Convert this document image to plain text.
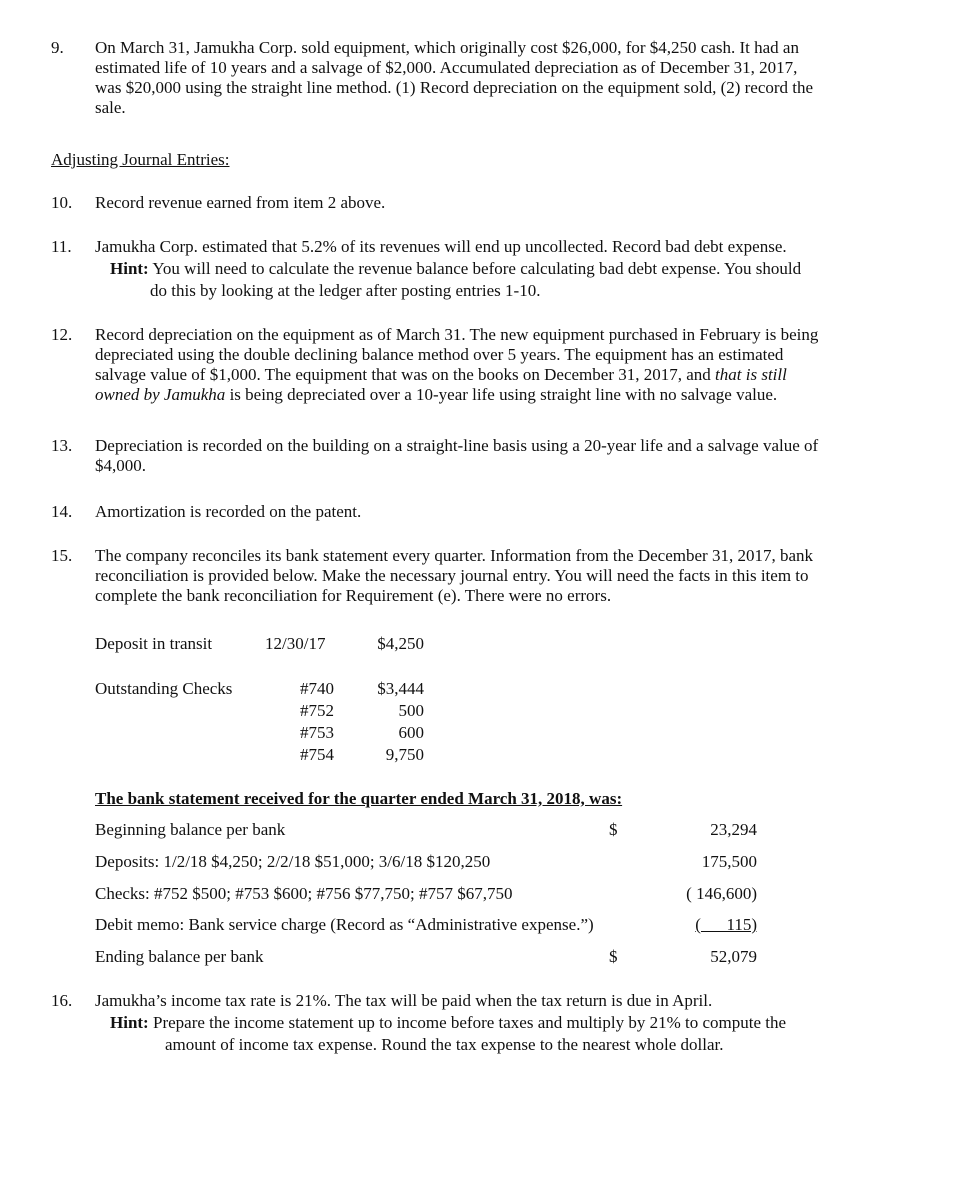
9.	On March 31, Jamukha Corp. sold equipment, which originally cost $26,000, for $4,250 cash. It had an
estimated life of 10 years and a salvage of $2,000. Accumulated depreciation as of December 31, 2017,
was $20,000 using the straight line method. (1) Record depreciation on the equipment sold, (2) record the
sale.
Adjusting Journal Entries:
10.	Record revenue earned from item 2 above.
11.	Jamukha Corp. estimated that 5.2% of its revenues will end up uncollected. Record bad debt expense.
Hint: You will need to calculate the revenue balance before calculating bad debt expense. You should
do this by looking at the ledger after posting entries 1-10.
12.	Record depreciation on the equipment as of March 31. The new equipment purchased in February is being
depreciated using the double declining balance method over 5 years. The equipment has an estimated
salvage value of $1,000. The equipment that was on the books on December 31, 2017, and that is still
owned by Jamukha is being depreciated over a 10-year life using straight line with no salvage value.
13.	Depreciation is recorded on the building on a straight-line basis using a 20-year life and a salvage value of
$4,000.
14.	Amortization is recorded on the patent.
15.	The company reconciles its bank statement every quarter. Information from the December 31, 2017, bank
reconciliation is provided below. Make the necessary journal entry. You will need the facts in this item to
complete the bank reconciliation for Requirement (e). There were no errors.
Deposit in transit	12/30/17	$4,250
Outstanding Checks	#740	$3,444
#752	500
#753	600
#754	9,750
The bank statement received for the quarter ended March 31, 2018, was:
Beginning balance per bank	$	23,294
Deposits: 1/2/18 $4,250; 2/2/18 $51,000; 3/6/18 $120,250	175,500
Checks: #752 $500; #753 $600; #756 $77,750; #757 $67,750	( 146,600)
Debit memo: Bank service charge (Record as “Administrative expense.”)	(      115)
Ending balance per bank	$	52,079
16.	Jamukha’s income tax rate is 21%. The tax will be paid when the tax return is due in April.
Hint: Prepare the income statement up to income before taxes and multiply by 21% to compute the
amount of income tax expense. Round the tax expense to the nearest whole dollar.
